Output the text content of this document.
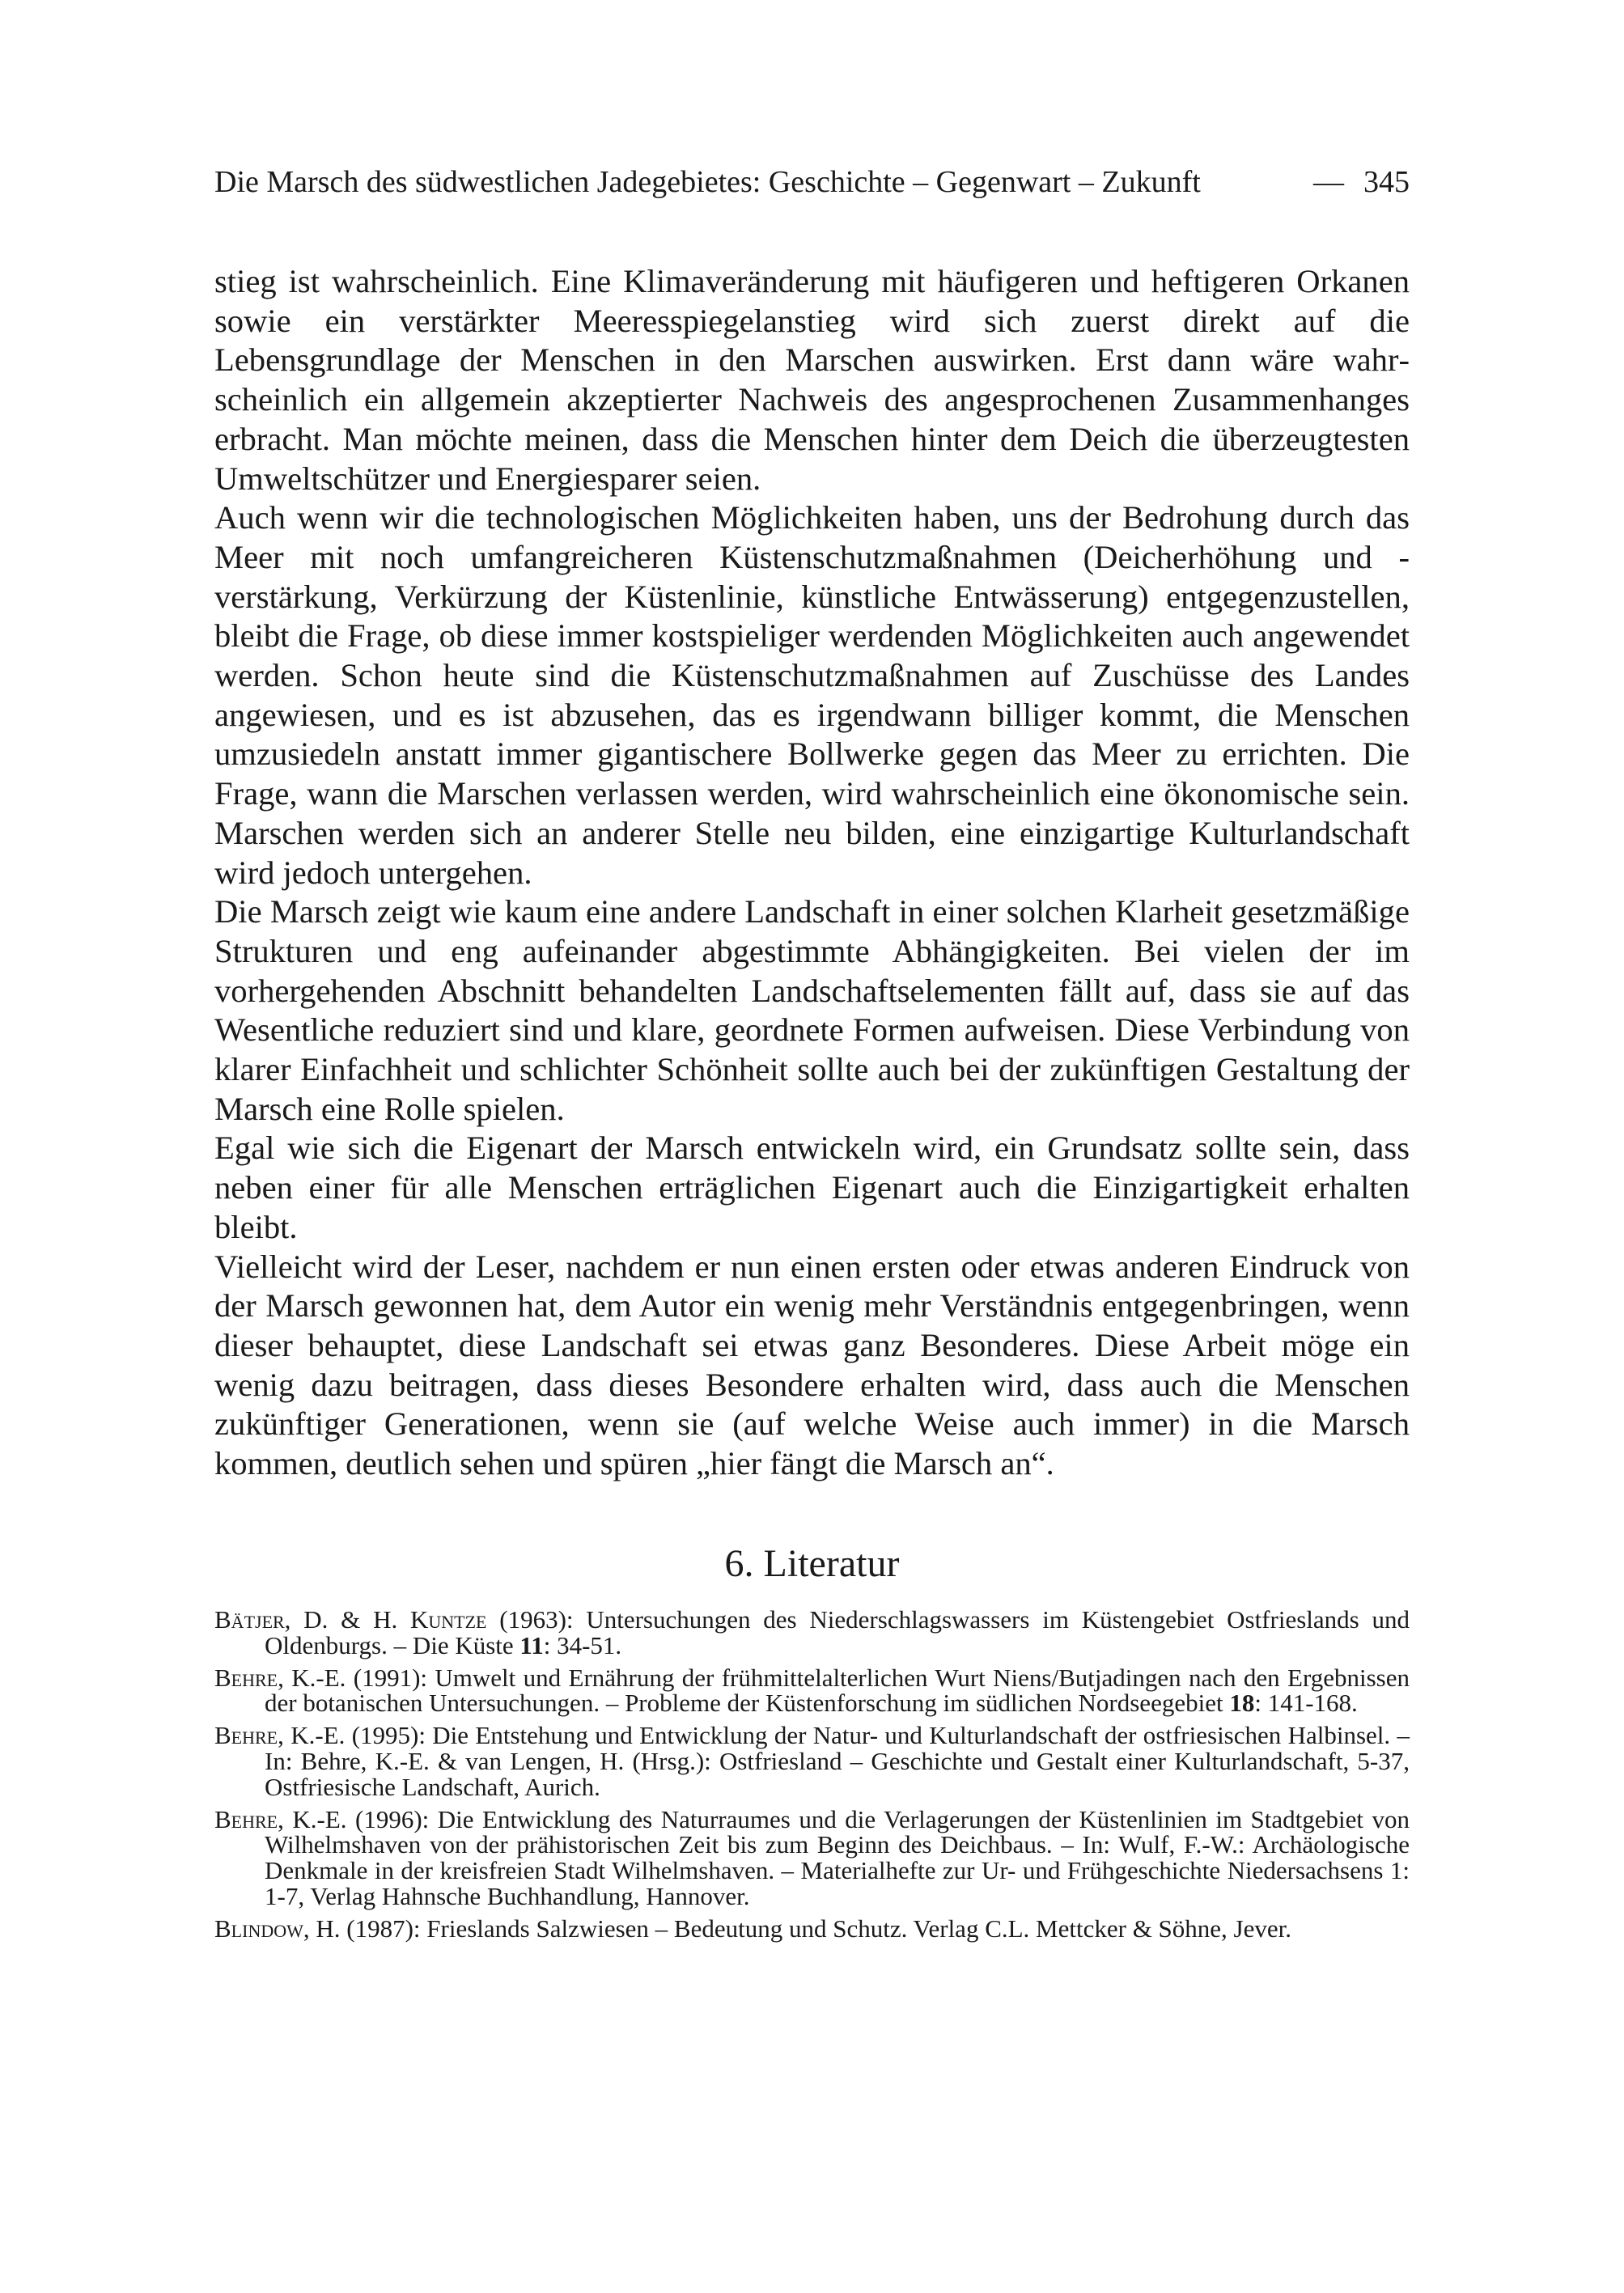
Die Marsch des südwestlichen Jadegebietes: Geschichte – Gegenwart – Zukunft	— 345

stieg ist wahrscheinlich. Eine Klimaveränderung mit häufigeren und heftigeren Orkanen sowie ein verstärkter Meeresspiegelanstieg wird sich zuerst direkt auf die Lebensgrundlage der Menschen in den Marschen auswirken. Erst dann wäre wahrscheinlich ein allgemein akzeptierter Nachweis des angesprochenen Zusammenhanges erbracht. Man möchte meinen, dass die Menschen hinter dem Deich die überzeugtesten Umweltschützer und Energiesparer seien.

Auch wenn wir die technologischen Möglichkeiten haben, uns der Bedrohung durch das Meer mit noch umfangreicheren Küstenschutzmaßnahmen (Deicherhöhung und -verstärkung, Verkürzung der Küstenlinie, künstliche Entwässerung) entgegenzustellen, bleibt die Frage, ob diese immer kostspieliger werdenden Möglichkeiten auch angewendet werden. Schon heute sind die Küstenschutzmaßnahmen auf Zuschüsse des Landes angewiesen, und es ist abzusehen, das es irgendwann billiger kommt, die Menschen umzusiedeln anstatt immer gigantischere Bollwerke gegen das Meer zu errichten. Die Frage, wann die Marschen verlassen werden, wird wahrscheinlich eine ökonomische sein. Marschen werden sich an anderer Stelle neu bilden, eine einzigartige Kulturlandschaft wird jedoch untergehen.

Die Marsch zeigt wie kaum eine andere Landschaft in einer solchen Klarheit gesetzmäßige Strukturen und eng aufeinander abgestimmte Abhängigkeiten. Bei vielen der im vorhergehenden Abschnitt behandelten Landschaftselementen fällt auf, dass sie auf das Wesentliche reduziert sind und klare, geordnete Formen aufweisen. Diese Verbindung von klarer Einfachheit und schlichter Schönheit sollte auch bei der zukünftigen Gestaltung der Marsch eine Rolle spielen.

Egal wie sich die Eigenart der Marsch entwickeln wird, ein Grundsatz sollte sein, dass neben einer für alle Menschen erträglichen Eigenart auch die Einzigartigkeit erhalten bleibt.

Vielleicht wird der Leser, nachdem er nun einen ersten oder etwas anderen Eindruck von der Marsch gewonnen hat, dem Autor ein wenig mehr Verständnis entgegenbringen, wenn dieser behauptet, diese Landschaft sei etwas ganz Besonderes. Diese Arbeit möge ein wenig dazu beitragen, dass dieses Besondere erhalten wird, dass auch die Menschen zukünftiger Generationen, wenn sie (auf welche Weise auch immer) in die Marsch kommen, deutlich sehen und spüren „hier fängt die Marsch an“.

6. Literatur

Bätjer, D. & H. Kuntze (1963): Untersuchungen des Niederschlagswassers im Küstengebiet Ostfrieslands und Oldenburgs. – Die Küste 11: 34-51.

Behre, K.-E. (1991): Umwelt und Ernährung der frühmittelalterlichen Wurt Niens/Butjadingen nach den Ergebnissen der botanischen Untersuchungen. – Probleme der Küstenforschung im südlichen Nordseegebiet 18: 141-168.

Behre, K.-E. (1995): Die Entstehung und Entwicklung der Natur- und Kulturlandschaft der ostfriesischen Halbinsel. – In: Behre, K.-E. & van Lengen, H. (Hrsg.): Ostfriesland – Geschichte und Gestalt einer Kulturlandschaft, 5-37, Ostfriesische Landschaft, Aurich.

Behre, K.-E. (1996): Die Entwicklung des Naturraumes und die Verlagerungen der Küstenlinien im Stadtgebiet von Wilhelmshaven von der prähistorischen Zeit bis zum Beginn des Deichbaus. – In: Wulf, F.-W.: Archäologische Denkmale in der kreisfreien Stadt Wilhelmshaven. – Materialhefte zur Ur- und Frühgeschichte Niedersachsens 1: 1-7, Verlag Hahnsche Buchhandlung, Hannover.

Blindow, H. (1987): Frieslands Salzwiesen – Bedeutung und Schutz. Verlag C.L. Mettcker & Söhne, Jever.
